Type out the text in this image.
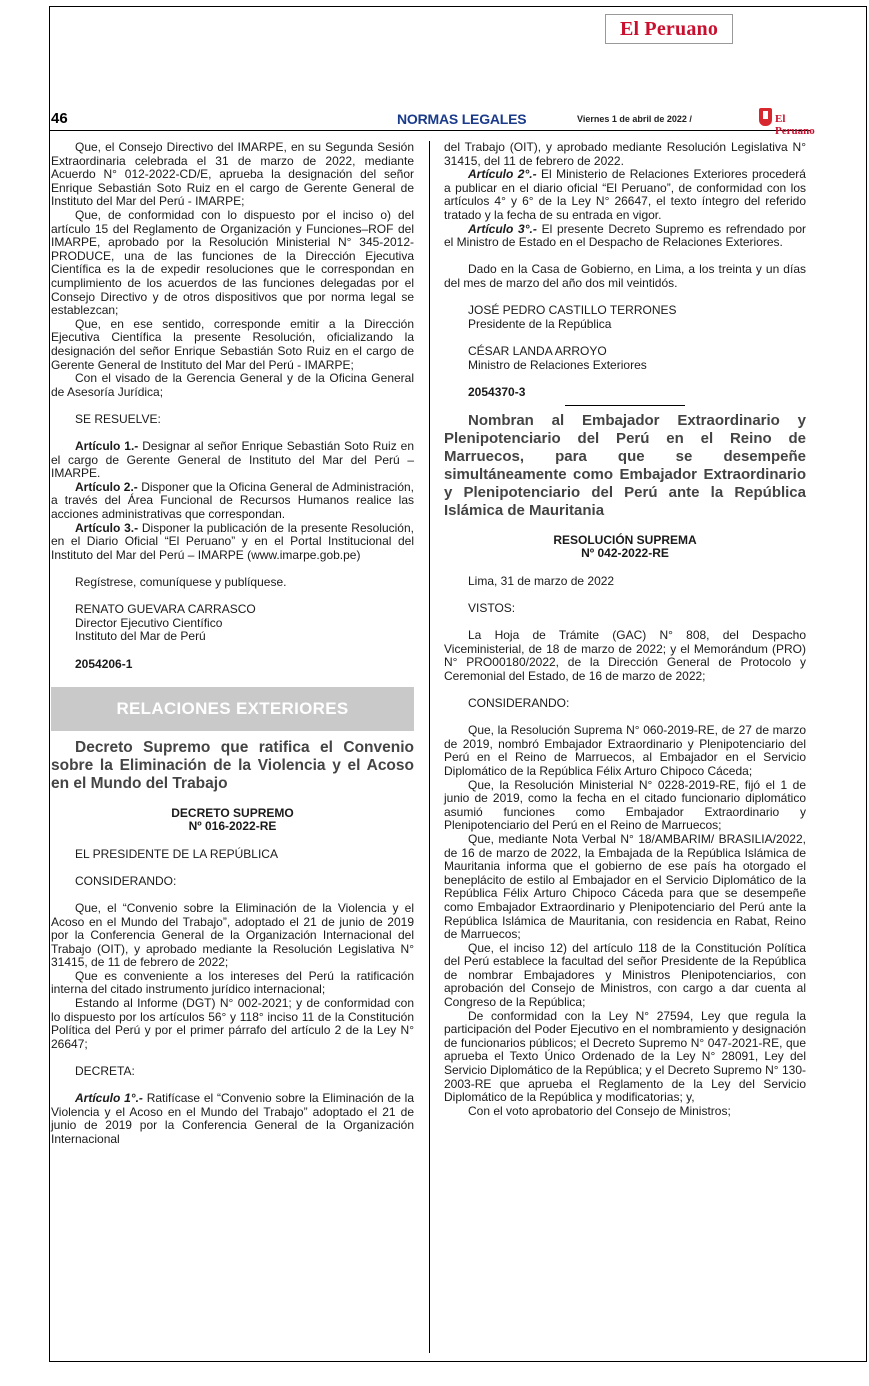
El Peruano
46	NORMAS LEGALES	Viernes 1 de abril de 2022 /	El Peruano

Que, el Consejo Directivo del IMARPE, en su Segunda Sesión Extraordinaria celebrada el 31 de marzo de 2022, mediante Acuerdo N° 012-2022-CD/E, aprueba la designación del señor Enrique Sebastián Soto Ruiz en el cargo de Gerente General de Instituto del Mar del Perú - IMARPE;

Que, de conformidad con lo dispuesto por el inciso o) del artículo 15 del Reglamento de Organización y Funciones–ROF del IMARPE, aprobado por la Resolución Ministerial N° 345-2012-PRODUCE, una de las funciones de la Dirección Ejecutiva Científica es la de expedir resoluciones que le correspondan en cumplimiento de los acuerdos de las funciones delegadas por el Consejo Directivo y de otros dispositivos que por norma legal se establezcan;

Que, en ese sentido, corresponde emitir a la Dirección Ejecutiva Científica la presente Resolución, oficializando la designación del señor Enrique Sebastián Soto Ruiz en el cargo de Gerente General de Instituto del Mar del Perú - IMARPE;

Con el visado de la Gerencia General y de la Oficina General de Asesoría Jurídica;

SE RESUELVE:

Artículo 1.- Designar al señor Enrique Sebastián Soto Ruiz en el cargo de Gerente General de Instituto del Mar del Perú – IMARPE.

Artículo 2.- Disponer que la Oficina General de Administración, a través del Área Funcional de Recursos Humanos realice las acciones administrativas que correspondan.

Artículo 3.- Disponer la publicación de la presente Resolución, en el Diario Oficial “El Peruano” y en el Portal Institucional del Instituto del Mar del Perú – IMARPE (www.imarpe.gob.pe)

Regístrese, comuníquese y publíquese.

RENATO GUEVARA CARRASCO

Director Ejecutivo Científico

Instituto del Mar de Perú

2054206-1

RELACIONES EXTERIORES

Decreto Supremo que ratifica el Convenio sobre la Eliminación de la Violencia y el Acoso en el Mundo del Trabajo

DECRETO SUPREMO

Nº 016-2022-RE

EL PRESIDENTE DE LA REPÚBLICA

CONSIDERANDO:

Que, el “Convenio sobre la Eliminación de la Violencia y el Acoso en el Mundo del Trabajo”, adoptado el 21 de junio de 2019 por la Conferencia General de la Organización Internacional del Trabajo (OIT), y aprobado mediante la Resolución Legislativa N° 31415, de 11 de febrero de 2022;

Que es conveniente a los intereses del Perú la ratificación interna del citado instrumento jurídico internacional;

Estando al Informe (DGT) N° 002-2021; y de conformidad con lo dispuesto por los artículos 56° y 118° inciso 11 de la Constitución Política del Perú y por el primer párrafo del artículo 2 de la Ley N° 26647;

DECRETA:

Artículo 1°.- Ratifícase el “Convenio sobre la Eliminación de la Violencia y el Acoso en el Mundo del Trabajo” adoptado el 21 de junio de 2019 por la Conferencia General de la Organización Internacional

del Trabajo (OIT), y aprobado mediante Resolución Legislativa N° 31415, del 11 de febrero de 2022.

Artículo 2°.- El Ministerio de Relaciones Exteriores procederá a publicar en el diario oficial “El Peruano”, de conformidad con los artículos 4° y 6° de la Ley N° 26647, el texto íntegro del referido tratado y la fecha de su entrada en vigor.

Artículo 3°.- El presente Decreto Supremo es refrendado por el Ministro de Estado en el Despacho de Relaciones Exteriores.

Dado en la Casa de Gobierno, en Lima, a los treinta y un días del mes de marzo del año dos mil veintidós.

JOSÉ PEDRO CASTILLO TERRONES

Presidente de la República

CÉSAR LANDA ARROYO

Ministro de Relaciones Exteriores

2054370-3

Nombran al Embajador Extraordinario y Plenipotenciario del Perú en el Reino de Marruecos, para que se desempeñe simultáneamente como Embajador Extraordinario y Plenipotenciario del Perú ante la República Islámica de Mauritania

RESOLUCIÓN SUPREMA

Nº 042-2022-RE

Lima, 31 de marzo de 2022

VISTOS:

La Hoja de Trámite (GAC) N° 808, del Despacho Viceministerial, de 18 de marzo de 2022; y el Memorándum (PRO) N° PRO00180/2022, de la Dirección General de Protocolo y Ceremonial del Estado, de 16 de marzo de 2022;

CONSIDERANDO:

Que, la Resolución Suprema N° 060-2019-RE, de 27 de marzo de 2019, nombró Embajador Extraordinario y Plenipotenciario del Perú en el Reino de Marruecos, al Embajador en el Servicio Diplomático de la República Félix Arturo Chipoco Cáceda;

Que, la Resolución Ministerial N° 0228-2019-RE, fijó el 1 de junio de 2019, como la fecha en el citado funcionario diplomático asumió funciones como Embajador Extraordinario y Plenipotenciario del Perú en el Reino de Marruecos;

Que, mediante Nota Verbal N° 18/AMBARIM/ BRASILIA/2022, de 16 de marzo de 2022, la Embajada de la República Islámica de Mauritania informa que el gobierno de ese país ha otorgado el beneplácito de estilo al Embajador en el Servicio Diplomático de la República Félix Arturo Chipoco Cáceda para que se desempeñe como Embajador Extraordinario y Plenipotenciario del Perú ante la República Islámica de Mauritania, con residencia en Rabat, Reino de Marruecos;

Que, el inciso 12) del artículo 118 de la Constitución Política del Perú establece la facultad del señor Presidente de la República de nombrar Embajadores y Ministros Plenipotenciarios, con aprobación del Consejo de Ministros, con cargo a dar cuenta al Congreso de la República;

De conformidad con la Ley N° 27594, Ley que regula la participación del Poder Ejecutivo en el nombramiento y designación de funcionarios públicos; el Decreto Supremo N° 047-2021-RE, que aprueba el Texto Único Ordenado de la Ley N° 28091, Ley del Servicio Diplomático de la República; y el Decreto Supremo N° 130-2003-RE que aprueba el Reglamento de la Ley del Servicio Diplomático de la República y modificatorias; y,

Con el voto aprobatorio del Consejo de Ministros;
